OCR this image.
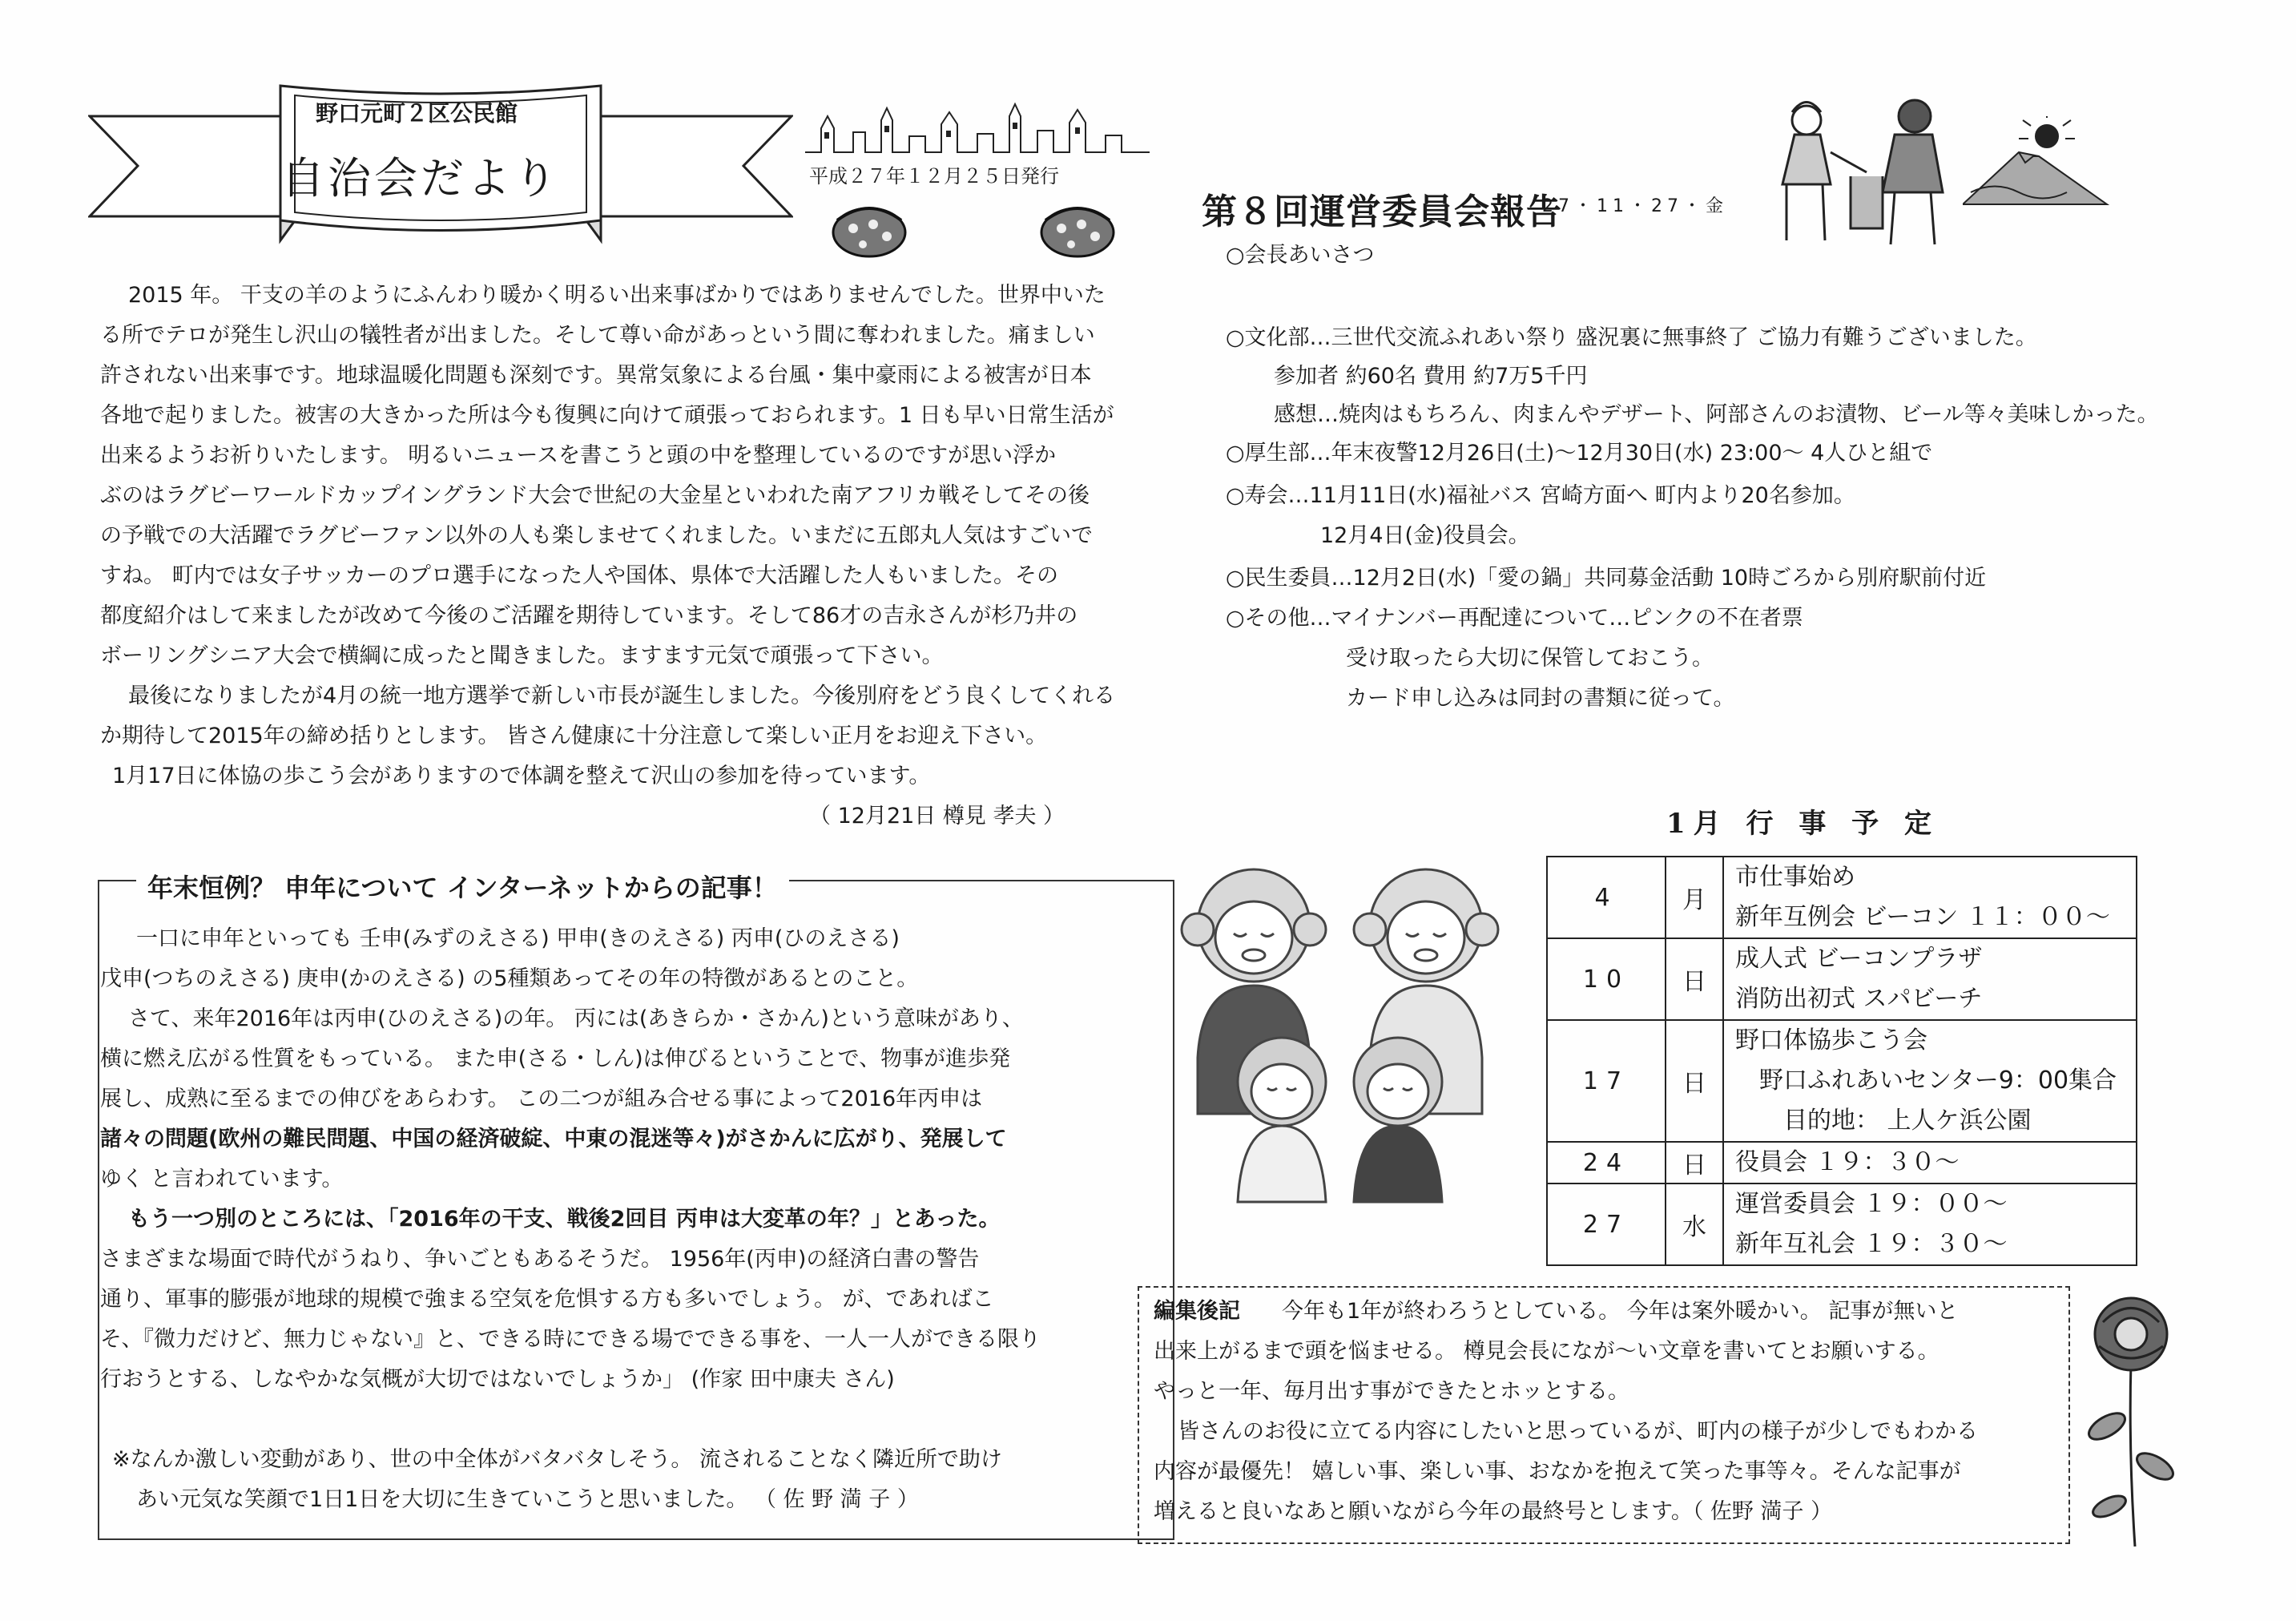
野口元町２区公民館
自治会だより	平成２７年１２月２５日発行
2015 年。 干支の羊のようにふんわり暖かく明るい出来事ばかりではありませんでした。世界中いた
る所でテロが発生し沢山の犠牲者が出ました。そして尊い命があっという間に奪われました。痛ましい
許されない出来事です。地球温暖化問題も深刻です。異常気象による台風・集中豪雨による被害が日本
各地で起りました。被害の大きかった所は今も復興に向けて頑張っておられます。1 日も早い日常生活が
出来るようお祈りいたします。 明るいニュースを書こうと頭の中を整理しているのですが思い浮か
ぶのはラグビーワールドカップイングランド大会で世紀の大金星といわれた南アフリカ戦そしてその後
の予戦での大活躍でラグビーファン以外の人も楽しませてくれました。いまだに五郎丸人気はすごいで
すね。 町内では女子サッカーのプロ選手になった人や国体、県体で大活躍した人もいました。その
都度紹介はして来ましたが改めて今後のご活躍を期待しています。そして86才の吉永さんが杉乃井の
ボーリングシニア大会で横綱に成ったと聞きました。ますます元気で頑張って下さい。
最後になりましたが4月の統一地方選挙で新しい市長が誕生しました。今後別府をどう良くしてくれる
か期待して2015年の締め括りとします。 皆さん健康に十分注意して楽しい正月をお迎え下さい。
1月17日に体協の歩こう会がありますので体調を整えて沢山の参加を待っています。
（ 12月21日 樽見 孝夫 ）
年末恒例？ 申年について インターネットからの記事！
一口に申年といっても 壬申(みずのえさる) 甲申(きのえさる) 丙申(ひのえさる)
戊申(つちのえさる) 庚申(かのえさる) の5種類あってその年の特徴があるとのこと。
さて、来年2016年は丙申(ひのえさる)の年。 丙には(あきらか・さかん)という意味があり、
横に燃え広がる性質をもっている。 また申(さる・しん)は伸びるということで、物事が進歩発
展し、成熟に至るまでの伸びをあらわす。 この二つが組み合せる事によって2016年丙申は
諸々の問題(欧州の難民問題、中国の経済破綻、中東の混迷等々)がさかんに広がり、発展して
ゆく と言われています。
もう一つ別のところには、「2016年の干支、戦後2回目 丙申は大変革の年？」とあった。
さまざまな場面で時代がうねり、争いごともあるそうだ。 1956年(丙申)の経済白書の警告
通り、軍事的膨張が地球的規模で強まる空気を危惧する方も多いでしょう。 が、であればこ
そ、『微力だけど、無力じゃない』と、できる時にできる場でできる事を、一人一人ができる限り
行おうとする、しなやかな気概が大切ではないでしょうか」 (作家 田中康夫 さん)
※なんか激しい変動があり、世の中全体がバタバタしそう。 流されることなく隣近所で助け
あい元気な笑顔で1日1日を大切に生きていこうと思いました。 （ 佐 野 満 子 ）
第８回運営委員会報告
27・11・27・金
○会長あいさつ
○文化部…三世代交流ふれあい祭り 盛況裏に無事終了 ご協力有難うございました。
参加者 約60名 費用 約7万5千円
感想…焼肉はもちろん、肉まんやデザート、阿部さんのお漬物、ビール等々美味しかった。
○厚生部…年末夜警12月26日(土)～12月30日(水) 23:00～ 4人ひと組で
○寿会…11月11日(水)福祉バス 宮崎方面へ 町内より20名参加。
12月4日(金)役員会。
○民生委員…12月2日(水)「愛の鍋」共同募金活動 10時ごろから別府駅前付近
○その他…マイナンバー再配達について…ピンクの不在者票
受け取ったら大切に保管しておこう。
カード申し込みは同封の書類に従って。
1月 行 事 予 定
4	月	市仕事始め
新年互例会 ビーコン １１：００～

10	日	成人式 ビーコンプラザ
消防出初式 スパビーチ

17	日	野口体協歩こう会
野口ふれあいセンター9：00集合
目的地： 上人ケ浜公園

24	日	役員会 １９：３０～

27	水	運営委員会 １９：００～
新年互礼会 １９：３０～
編集後記 今年も1年が終わろうとしている。 今年は案外暖かい。 記事が無いと
出来上がるまで頭を悩ませる。 樽見会長になが～い文章を書いてとお願いする。
やっと一年、毎月出す事ができたとホッとする。
皆さんのお役に立てる内容にしたいと思っているが、町内の様子が少しでもわかる
内容が最優先！ 嬉しい事、楽しい事、おなかを抱えて笑った事等々。そんな記事が
増えると良いなあと願いながら今年の最終号とします。（ 佐野 満子 ）
